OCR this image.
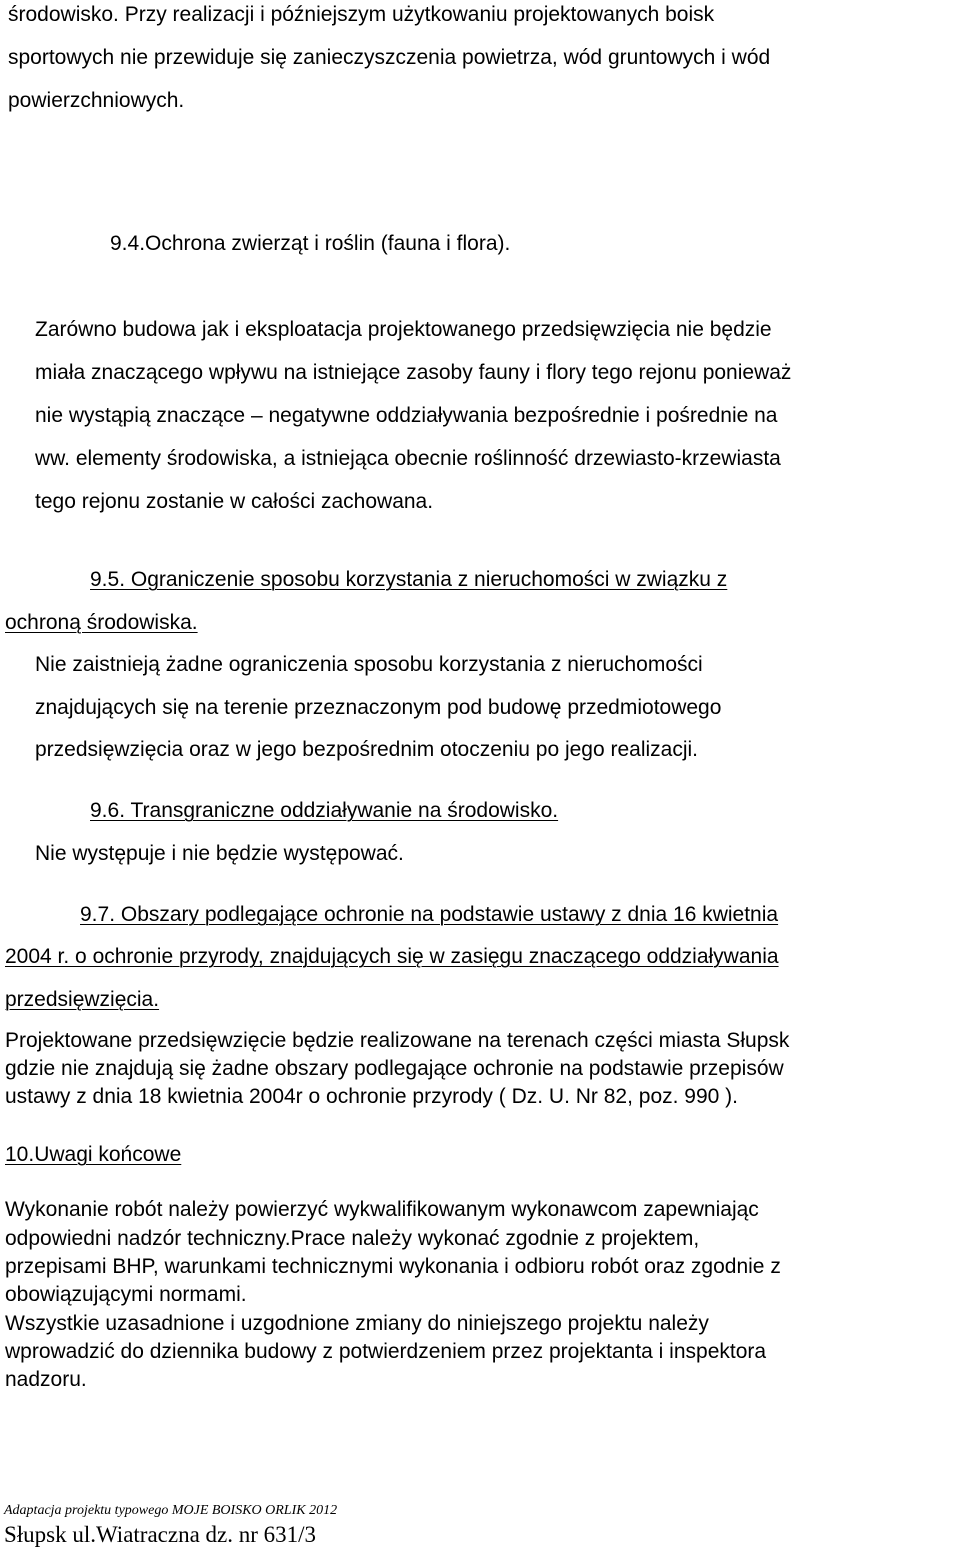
środowisko. Przy realizacji i późniejszym użytkowaniu projektowanych boisk

sportowych nie przewiduje się zanieczyszczenia powietrza, wód gruntowych i wód

powierzchniowych.

9.4.Ochrona zwierząt i roślin (fauna i flora).

Zarówno budowa jak i eksploatacja projektowanego przedsięwzięcia nie będzie

miała znaczącego wpływu na istniejące zasoby fauny i flory tego rejonu ponieważ

nie wystąpią znaczące – negatywne oddziaływania bezpośrednie i pośrednie na

ww. elementy środowiska, a istniejąca obecnie roślinność drzewiasto-krzewiasta

tego rejonu zostanie w całości zachowana.

9.5. Ograniczenie sposobu korzystania z nieruchomości w związku z
ochroną środowiska.

Nie zaistnieją żadne ograniczenia sposobu korzystania z nieruchomości

znajdujących się na terenie przeznaczonym pod budowę przedmiotowego

przedsięwzięcia oraz w jego bezpośrednim otoczeniu po jego realizacji.

9.6. Transgraniczne oddziaływanie na środowisko.

Nie występuje i nie będzie występować.

9.7. Obszary podlegające ochronie na podstawie ustawy z dnia 16 kwietnia
2004 r. o ochronie przyrody, znajdujących się w zasięgu znaczącego oddziaływania
przedsięwzięcia.

Projektowane przedsięwzięcie będzie realizowane na terenach części miasta Słupsk

gdzie nie znajdują się żadne obszary podlegające ochronie na podstawie przepisów

ustawy z dnia 18 kwietnia 2004r o ochronie przyrody ( Dz. U. Nr 82, poz. 990 ).

10.Uwagi końcowe

Wykonanie robót należy powierzyć wykwalifikowanym wykonawcom zapewniając

odpowiedni nadzór techniczny.Prace należy wykonać zgodnie z projektem,

przepisami BHP, warunkami technicznymi wykonania i odbioru robót oraz zgodnie z

obowiązującymi normami.

Wszystkie uzasadnione i uzgodnione zmiany do niniejszego projektu należy

wprowadzić do dziennika budowy z potwierdzeniem przez projektanta i inspektora

nadzoru.

Adaptacja projektu typowego MOJE BOISKO ORLIK 2012
Słupsk ul.Wiatraczna dz. nr 631/3
